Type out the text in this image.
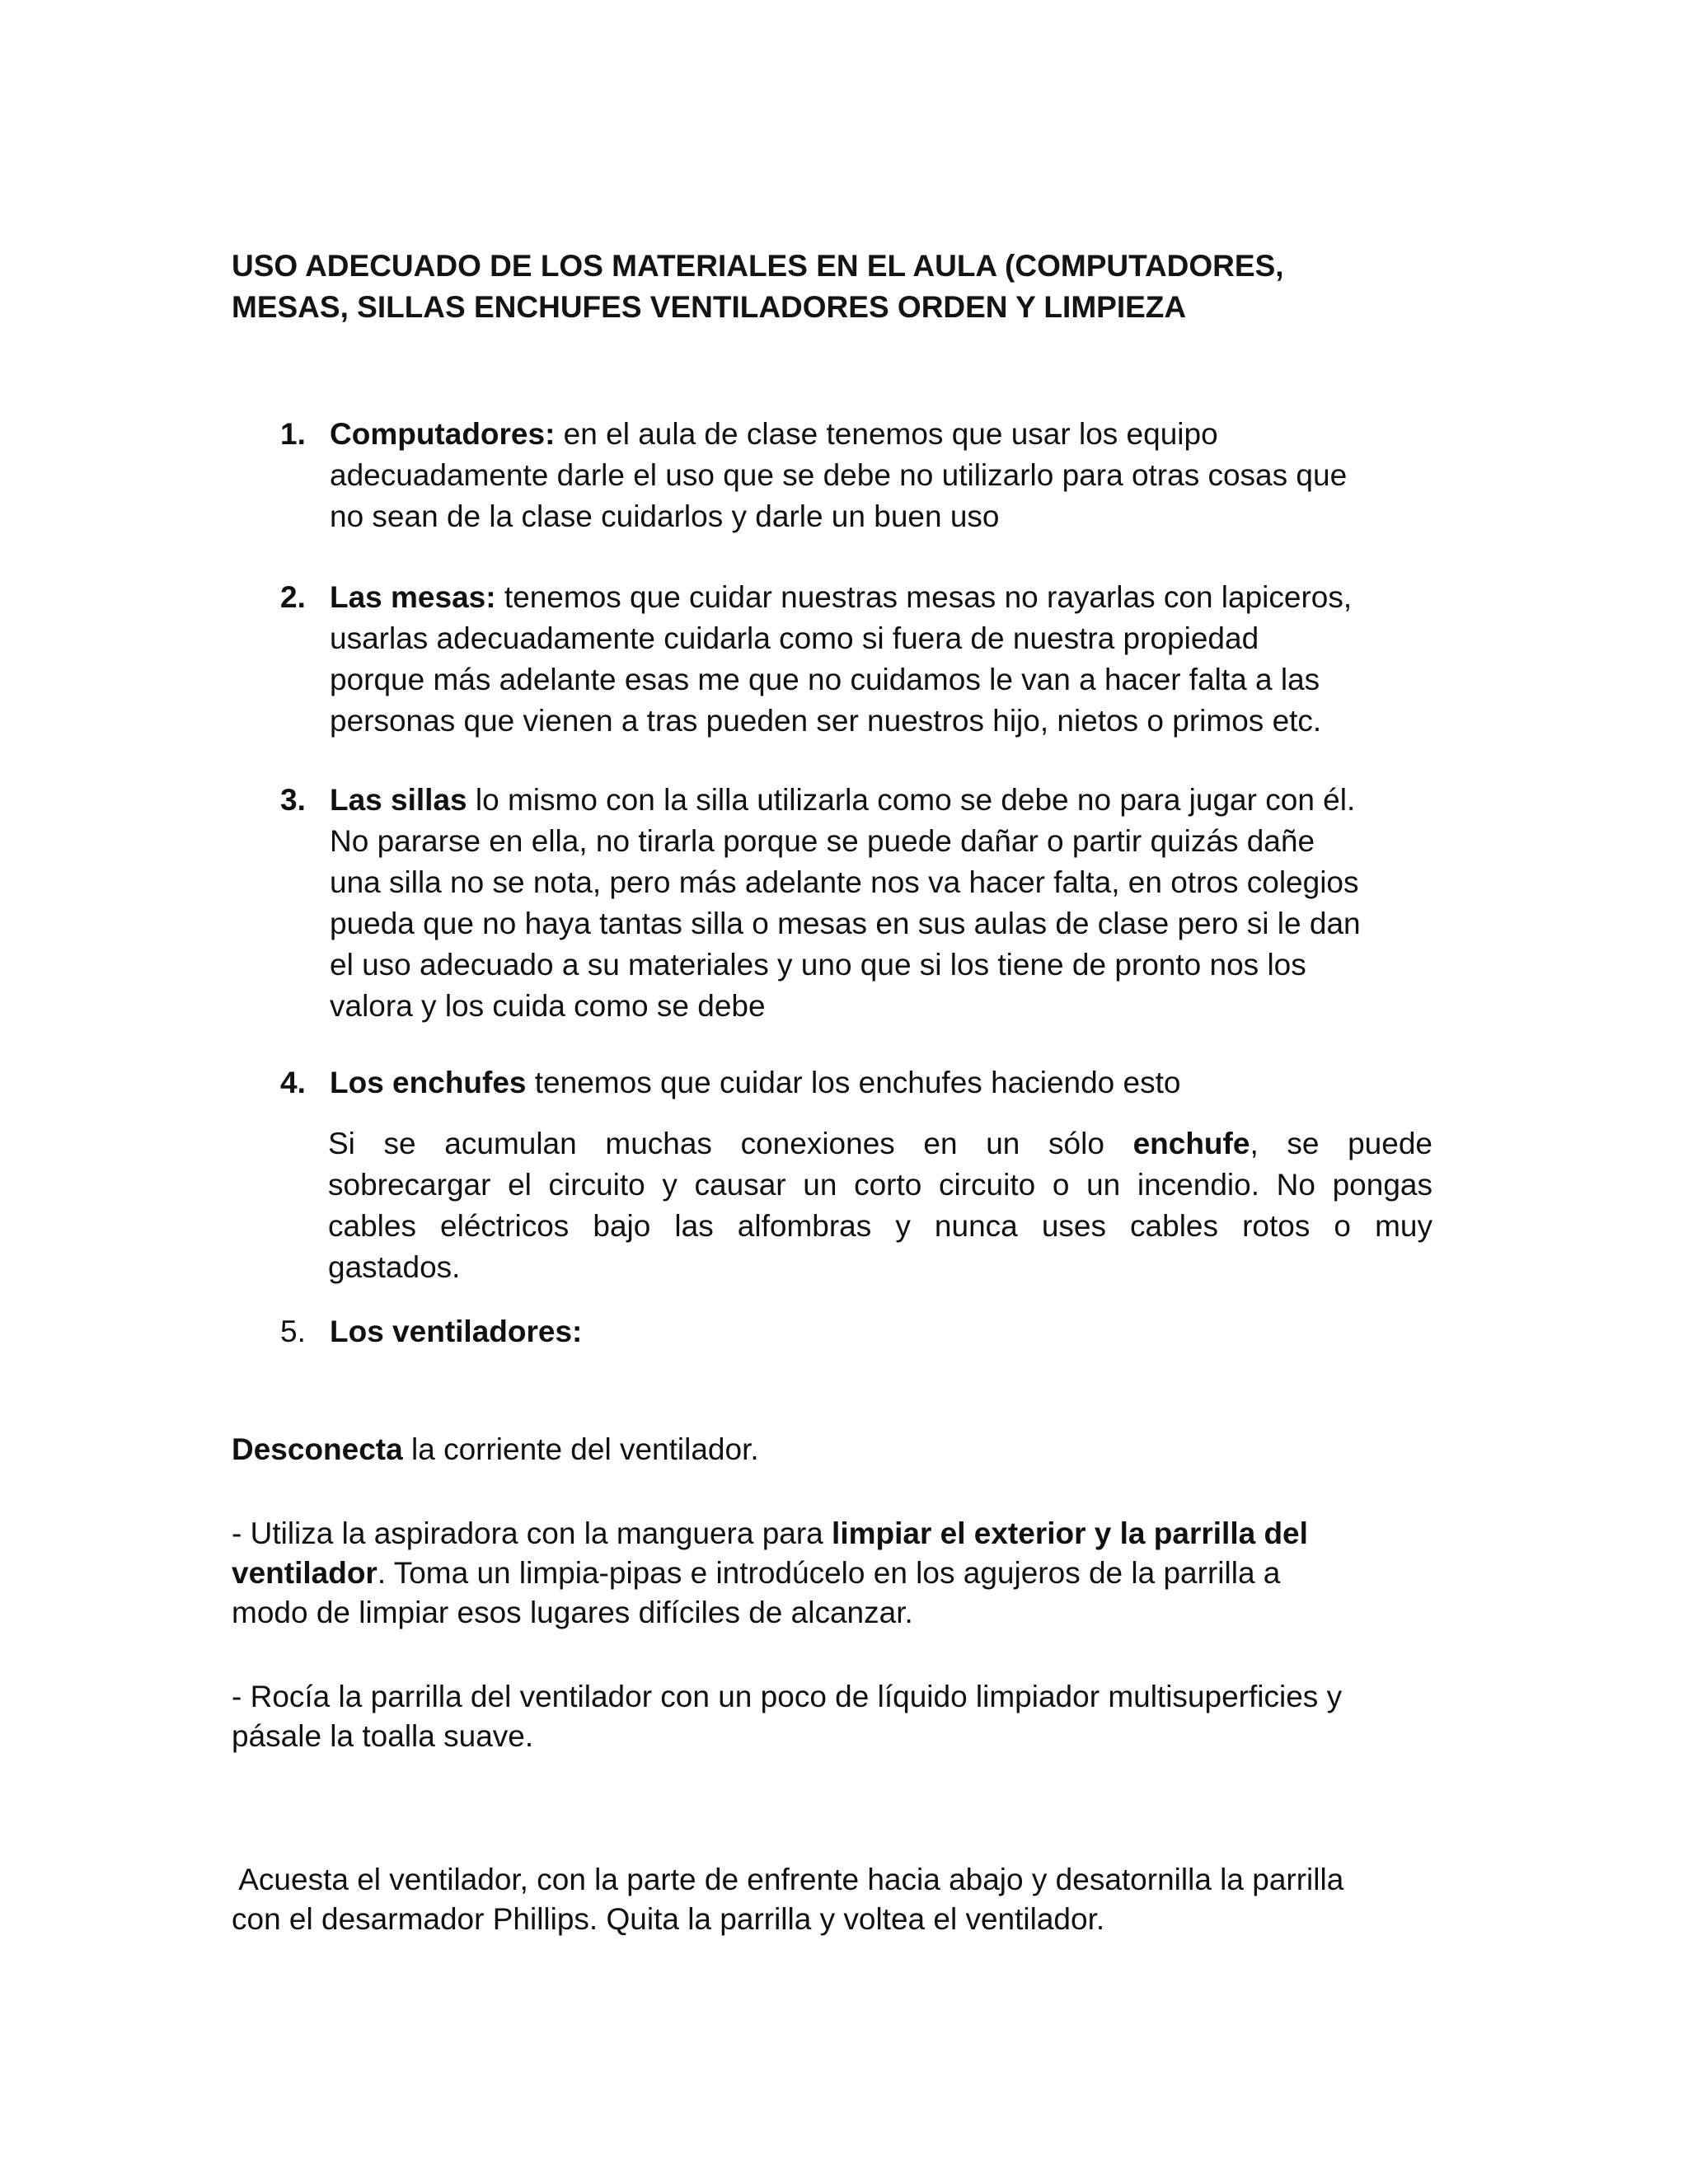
USO ADECUADO DE LOS MATERIALES EN EL AULA (COMPUTADORES,
MESAS, SILLAS ENCHUFES VENTILADORES ORDEN Y LIMPIEZA
1. Computadores: en el aula de clase tenemos que usar los equipo
adecuadamente darle el uso que se debe no utilizarlo para otras cosas que
no sean de la clase cuidarlos y darle un buen uso
2. Las mesas: tenemos que cuidar nuestras mesas no rayarlas con lapiceros,
usarlas adecuadamente cuidarla como si fuera de nuestra propiedad
porque más adelante esas me que no cuidamos le van a hacer falta a las
personas que vienen a tras pueden ser nuestros hijo, nietos o primos etc.
3. Las sillas lo mismo con la silla utilizarla como se debe no para jugar con él.
No pararse en ella, no tirarla porque se puede dañar o partir quizás dañe
una silla no se nota, pero más adelante nos va hacer falta, en otros colegios
pueda que no haya tantas silla o mesas en sus aulas de clase pero si le dan
el uso adecuado a su materiales y uno que si los tiene de pronto nos los
valora y los cuida como se debe
4. Los enchufes tenemos que cuidar los enchufes haciendo esto
Si se acumulan muchas conexiones en un sólo enchufe, se puede
sobrecargar el circuito y causar un corto circuito o un incendio. No pongas
cables eléctricos bajo las alfombras y nunca uses cables rotos o muy
gastados.
5. Los ventiladores:
Desconecta la corriente del ventilador.
- Utiliza la aspiradora con la manguera para limpiar el exterior y la parrilla del
ventilador. Toma un limpia-pipas e introdúcelo en los agujeros de la parrilla a
modo de limpiar esos lugares difíciles de alcanzar.
- Rocía la parrilla del ventilador con un poco de líquido limpiador multisuperficies y
pásale la toalla suave.
Acuesta el ventilador, con la parte de enfrente hacia abajo y desatornilla la parrilla
con el desarmador Phillips. Quita la parrilla y voltea el ventilador.
